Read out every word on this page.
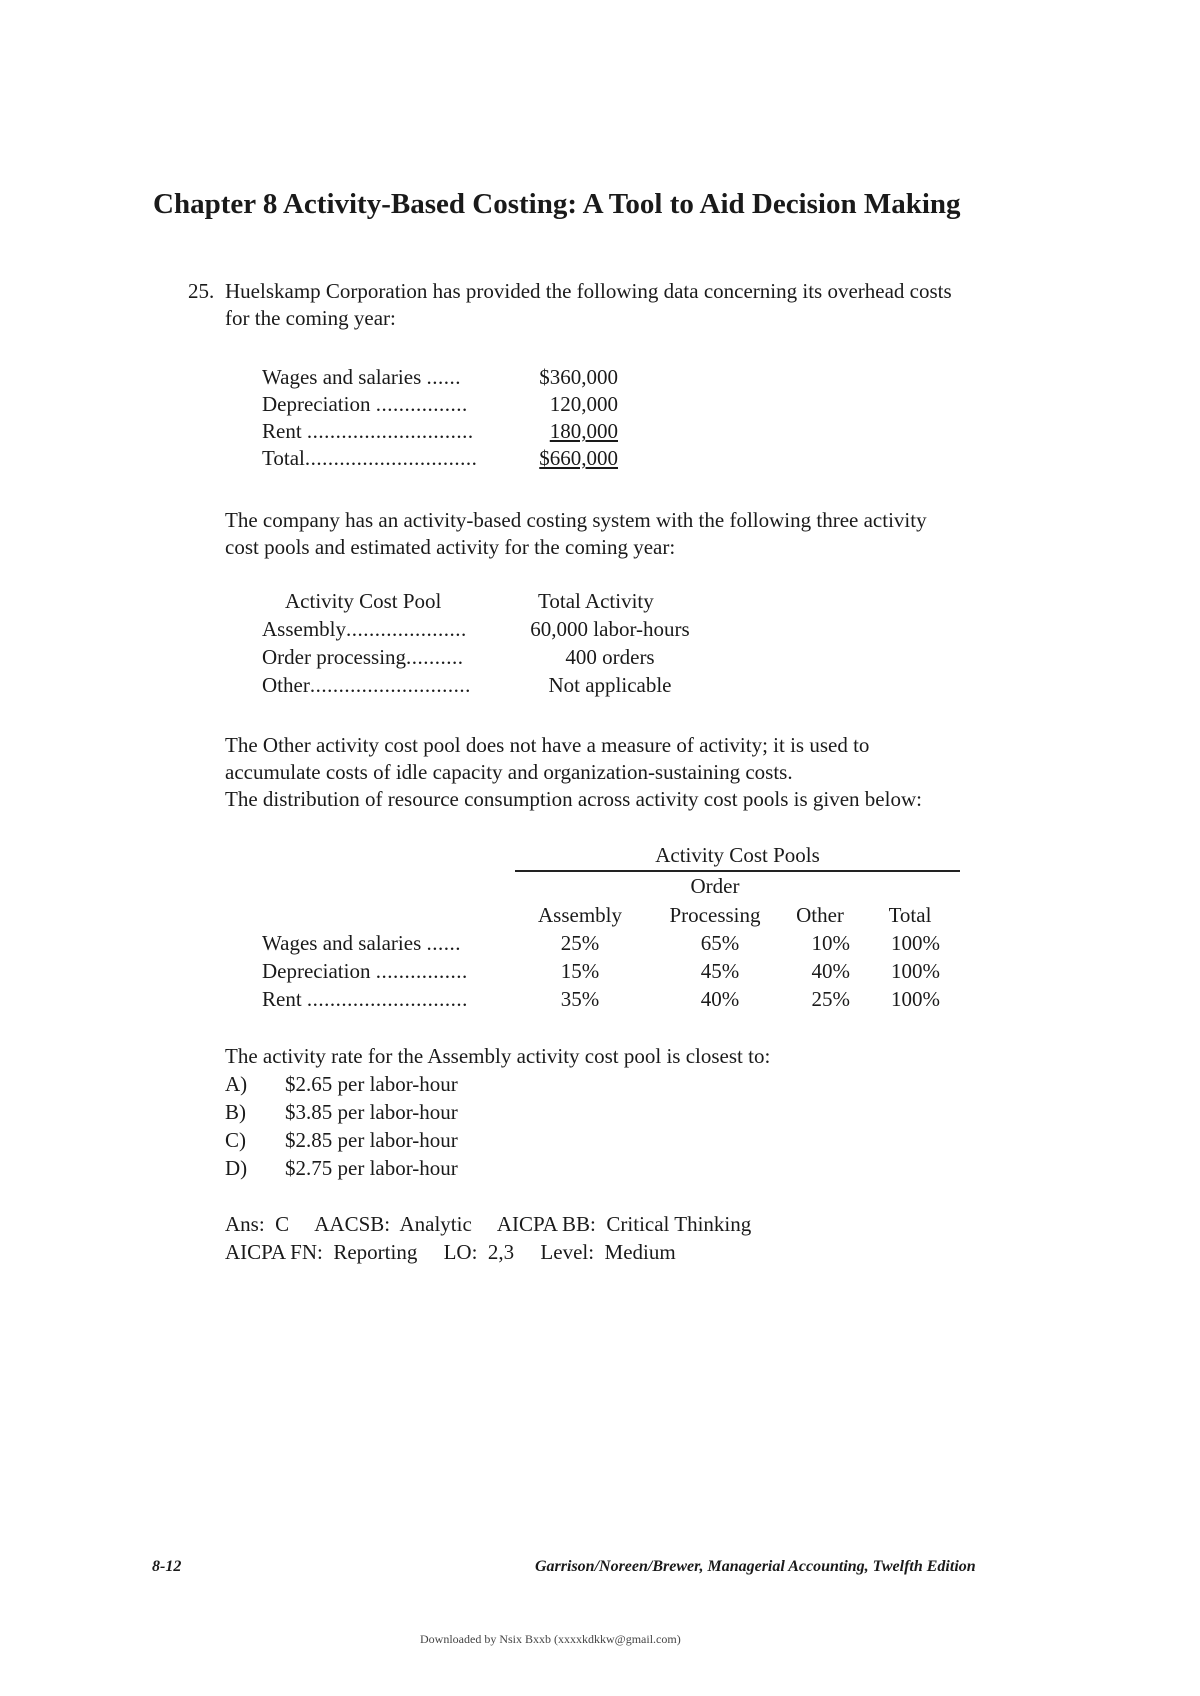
Chapter 8 Activity-Based Costing: A Tool to Aid Decision Making
25. Huelskamp Corporation has provided the following data concerning its overhead costs
for the coming year:
Wages and salaries ......	$360,000
Depreciation ................	120,000
Rent .............................	180,000
Total..............................	$660,000
The company has an activity-based costing system with the following three activity
cost pools and estimated activity for the coming year:
Activity Cost Pool	Total Activity
Assembly.....................	60,000 labor-hours
Order processing..........	400 orders
Other............................	Not applicable
The Other activity cost pool does not have a measure of activity; it is used to
accumulate costs of idle capacity and organization-sustaining costs.
The distribution of resource consumption across activity cost pools is given below:
Activity Cost Pools
Order
Assembly	Processing	Other	Total
Wages and salaries ......	25%	65%	10%	100%
Depreciation ................	15%	45%	40%	100%
Rent ............................	35%	40%	25%	100%
The activity rate for the Assembly activity cost pool is closest to:
A) $2.65 per labor-hour
B) $3.85 per labor-hour
C) $2.85 per labor-hour
D) $2.75 per labor-hour
Ans:  C     AACSB:  Analytic     AICPA BB:  Critical Thinking
AICPA FN:  Reporting     LO:  2,3     Level:  Medium
8-12	Garrison/Noreen/Brewer, Managerial Accounting, Twelfth Edition
Downloaded by Nsix Bxxb (xxxxkdkkw@gmail.com)
